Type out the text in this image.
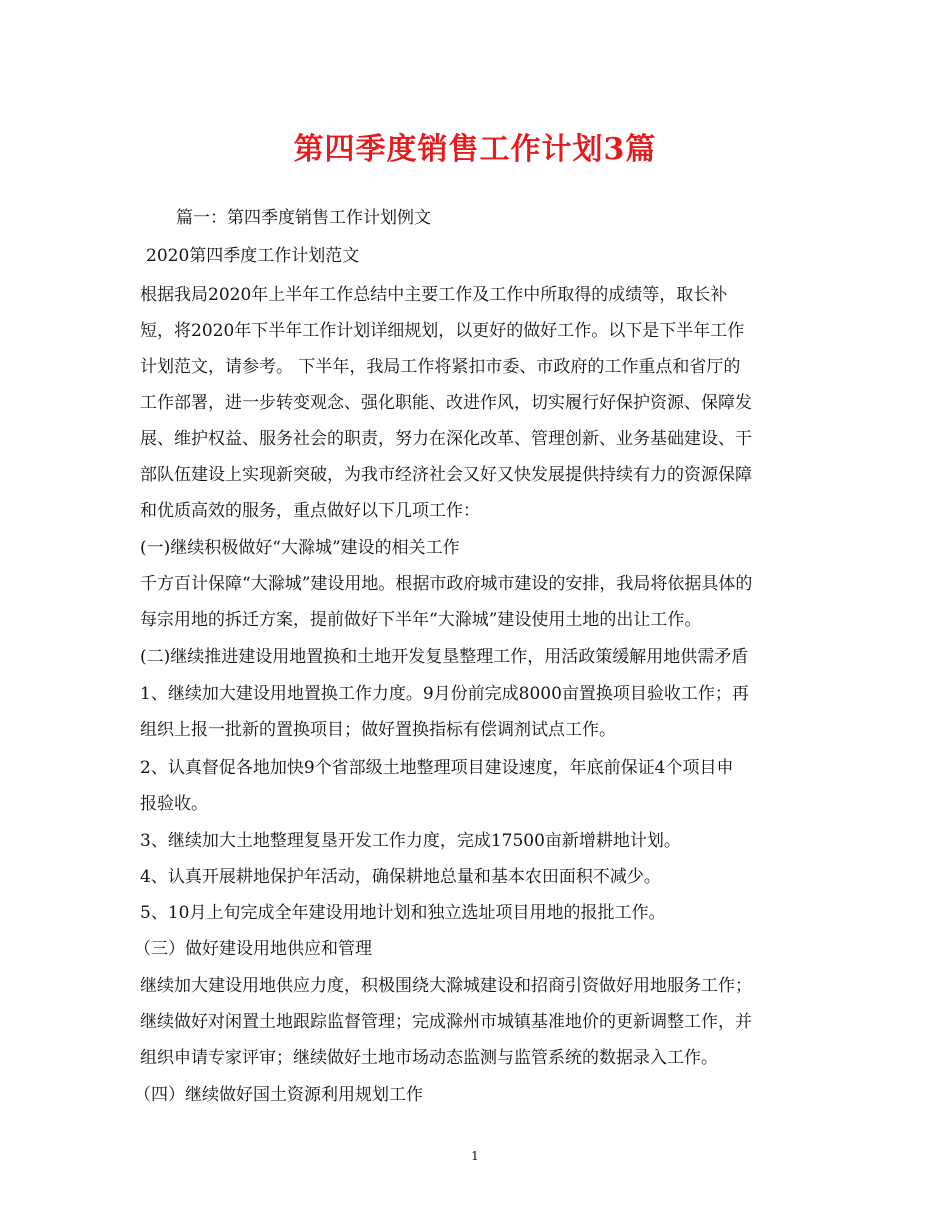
第四季度销售工作计划3篇
篇一：第四季度销售工作计划例文
2020第四季度工作计划范文
根据我局2020年上半年工作总结中主要工作及工作中所取得的成绩等，取长补
短，将2020年下半年工作计划详细规划，以更好的做好工作。以下是下半年工作
计划范文，请参考。 下半年，我局工作将紧扣市委、市政府的工作重点和省厅的
工作部署，进一步转变观念、强化职能、改进作风，切实履行好保护资源、保障发
展、维护权益、服务社会的职责，努力在深化改革、管理创新、业务基础建设、干
部队伍建设上实现新突破，为我市经济社会又好又快发展提供持续有力的资源保障
和优质高效的服务，重点做好以下几项工作：
(一)继续积极做好“大滁城”建设的相关工作
千方百计保障“大滁城”建设用地。根据市政府城市建设的安排，我局将依据具体的
每宗用地的拆迁方案，提前做好下半年“大滁城”建设使用土地的出让工作。
(二)继续推进建设用地置换和土地开发复垦整理工作，用活政策缓解用地供需矛盾
1、继续加大建设用地置换工作力度。9月份前完成8000亩置换项目验收工作；再
组织上报一批新的置换项目；做好置换指标有偿调剂试点工作。
2、认真督促各地加快9个省部级土地整理项目建设速度，年底前保证4个项目申
报验收。
3、继续加大土地整理复垦开发工作力度，完成17500亩新增耕地计划。
4、认真开展耕地保护年活动，确保耕地总量和基本农田面积不减少。
5、10月上旬完成全年建设用地计划和独立选址项目用地的报批工作。
（三）做好建设用地供应和管理
继续加大建设用地供应力度，积极围绕大滁城建设和招商引资做好用地服务工作；
继续做好对闲置土地跟踪监督管理；完成滁州市城镇基准地价的更新调整工作，并
组织申请专家评审；继续做好土地市场动态监测与监管系统的数据录入工作。
（四）继续做好国土资源利用规划工作
1
